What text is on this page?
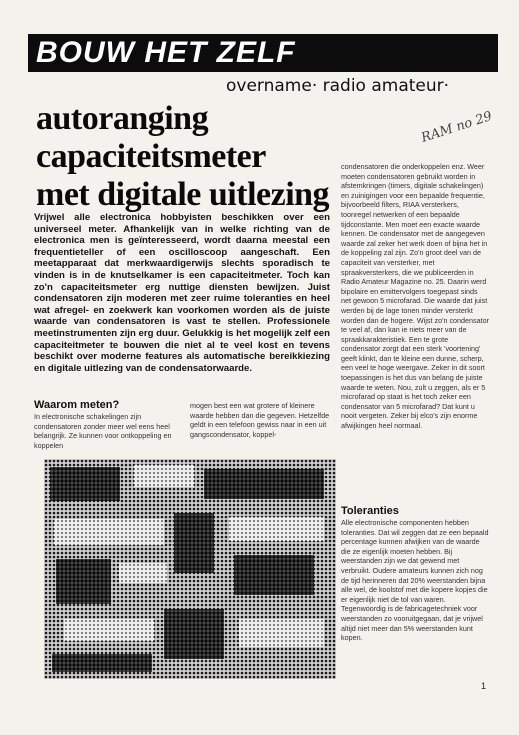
BOUW HET ZELF
overname· radio amateur·
autoranging capaciteitsmeter
met digitale uitlezing
RAM no 29
Vrijwel alle electronica hobbyisten beschikken over een universeel meter. Afhankelijk van in welke richting van de electronica men is geïnteresseerd, wordt daarna meestal een frequentieteller of een oscilloscoop aangeschaft. Een meetapparaat dat merkwaardigerwijs slechts sporadisch te vinden is in de knutselkamer is een capaciteitmeter. Toch kan zo'n capaciteitsmeter erg nuttige diensten bewijzen. Juist condensatoren zijn moderen met zeer ruime toleranties en heel wat afregel- en zoekwerk kan voorkomen worden als de juiste waarde van condensatoren is vast te stellen. Professionele meetinstrumenten zijn erg duur. Gelukkig is het mogelijk zelf een capaciteitmeter te bouwen die niet al te veel kost en tevens beschikt over moderne features als automatische bereikkiezing en digitale uitlezing van de condensatorwaarde.
Waarom meten?
In electronische schakelingen zijn condensatoren zonder meer wel eens heel belangrijk. Ze kunnen voor ontkoppeling en koppelen
mogen best een wat grotere of kleinere waarde hebben dan die gegeven. Hetzelfde geldt in een telefoon gewiss naar in een uit gangscondensator, koppel-
condensatoren die onderkoppelen enz. Weer moeten condensatoren gebruikt worden in afstemkringen (timers, digitale schakelingen) en zuinigingen voor een bepaalde frequentie, bijvoorbeeld filters, RIAA versterkers, toonregel netwerken of een bepaalde tijdconstante. Men moet een exacte waarde kennen. De condensator met de aangegeven waarde zal zeker het werk doen of bijna het in de koppeling zal zijn. Zo'n groot deel van de capaciteit van versterker, met spraakversterkers, die we publiceerden in Radio Amateur Magazine no. 25. Daarin werd bipolaire en emittervolgers toegepast sinds net gewoon 5 microfarad. Die waarde dat juist werden bij de lage tonen minder versterkt worden dan de hogere. Wijst zo'n condensator te veel af, dan kan ie niets meer van de spraakkarakteristiek. Een te grote condensator zorgt dat een sterk 'voortening' geeft klinkt, dan te kleine een dunne, scherp, een veel te hoge weergave. Zeker in dit soort toepassingen is het dus van belang de juiste waarde te weten. Nou, zult u zeggen, als er 5 microfarad op staat is het toch zeker een condensator van 5 microfarad? Dat kunt u nooit vergeten. Zeker bij elco's zijn enorme afwijkingen heel normaal.
Toleranties
Alle electronische componenten hebben toleranties. Dat wil zeggen dat ze een bepaald percentage kunnen afwijken van de waarde die ze eigenlijk moeten hebben. Bij weerstanden zijn we dat gewend met verbruikt. Oudere amateurs kunnen zich nog de tijd herinneren dat 20% weerstanden bijna alle wel, de koolstof met die kopere kopjes die er eigenlijk niet de tol van waren. Tegenwoordig is de fabricagetechniek voor weerstanden zo vooruitgegaan, dat je vrijwel altijd niet meer dan 5% weerstanden kunt kopen.
1
